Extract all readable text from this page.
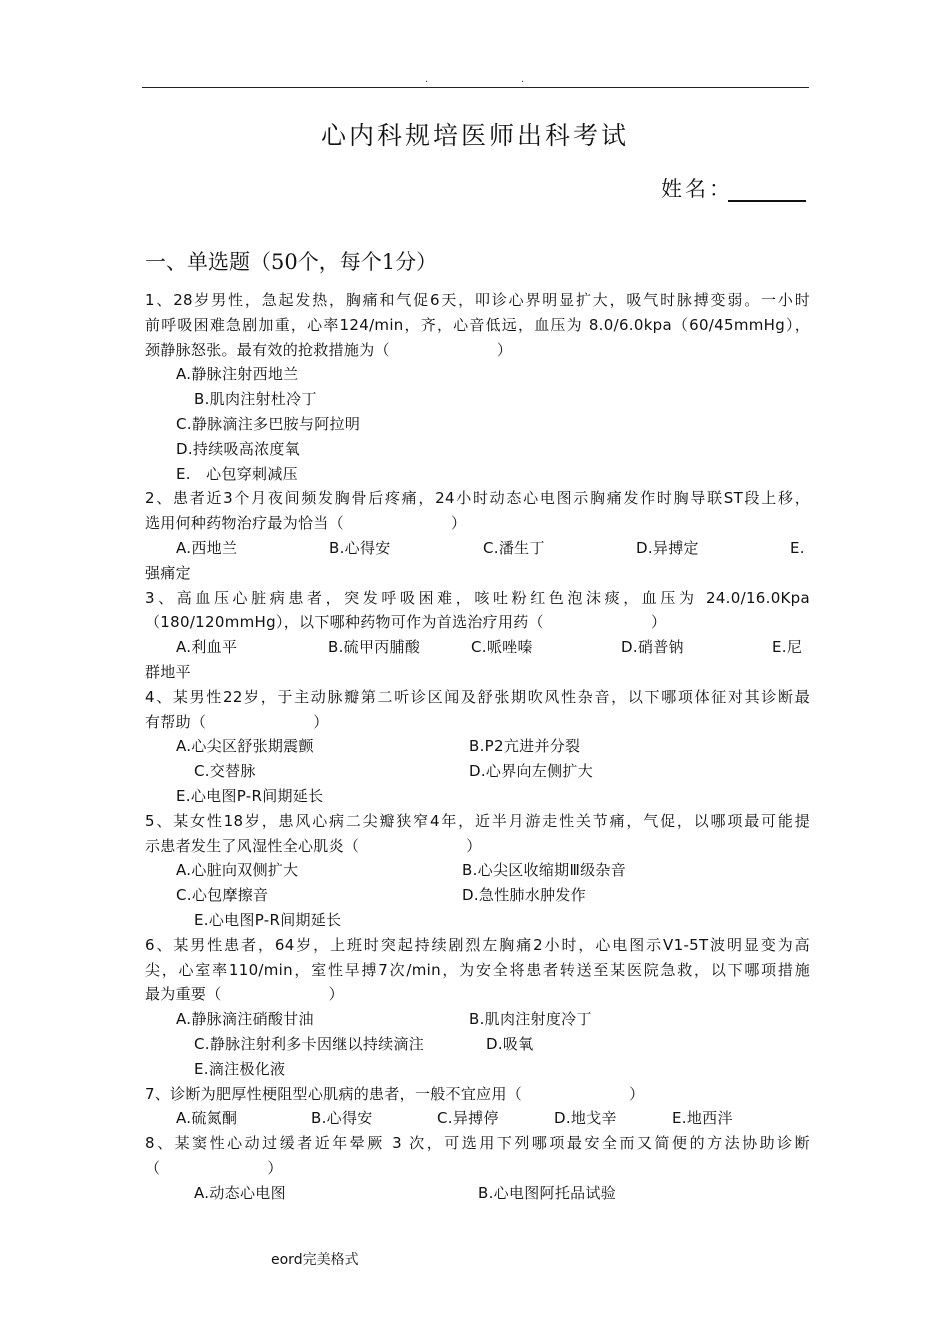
.	.
心内科规培医师出科考试
姓名：
一、单选题（50个，每个1分）
1、28岁男性，急起发热，胸痛和气促6天，叩诊心界明显扩大，吸气时脉搏变弱。一小时
前呼吸困难急剧加重，心率124/min，齐，心音低远，血压为 8.0/6.0kpa（60/45mmHg），
颈静脉怒张。最有效的抢救措施为（　　　　　　　）
A.静脉注射西地兰
B.肌肉注射杜冷丁
C.静脉滴注多巴胺与阿拉明
D.持续吸高浓度氧
E.　心包穿刺减压
2、患者近3个月夜间频发胸骨后疼痛，24小时动态心电图示胸痛发作时胸导联ST段上移，
选用何种药物治疗最为恰当（　　　　　　　）
A.西地兰	B.心得安	C.潘生丁	D.异搏定	E.
强痛定
3、高血压心脏病患者，突发呼吸困难，咳吐粉红色泡沫痰，血压为 24.0/16.0Kpa
（180/120mmHg），以下哪种药物可作为首选治疗用药（　　　　　　　）
A.利血平	B.硫甲丙脯酸	C.哌唑嗪	D.硝普钠	E.尼
群地平
4、某男性22岁，于主动脉瓣第二听诊区闻及舒张期吹风性杂音，以下哪项体征对其诊断最
有帮助（　　　　　　　）
A.心尖区舒张期震颤	B.P2亢进并分裂
C.交替脉	D.心界向左侧扩大
E.心电图P-R间期延长
5、某女性18岁，患风心病二尖瓣狭窄4年，近半月游走性关节痛，气促，以哪项最可能提
示患者发生了风湿性全心肌炎（　　　　　　　）
A.心脏向双侧扩大	B.心尖区收缩期Ⅲ级杂音
C.心包摩擦音	D.急性肺水肿发作
E.心电图P-R间期延长
6、某男性患者，64岁，上班时突起持续剧烈左胸痛2小时，心电图示V1-5T波明显变为高
尖，心室率110/min，室性早搏7次/min，为安全将患者转送至某医院急救，以下哪项措施
最为重要（　　　　　　　）
A.静脉滴注硝酸甘油	B.肌肉注射度冷丁
C.静脉注射利多卡因继以持续滴注	D.吸氧
E.滴注极化液
7、诊断为肥厚性梗阻型心肌病的患者，一般不宜应用（　　　　　　　）
A.硫氮酮	B.心得安	C.异搏停	D.地戈辛	E.地西泮
8、某窦性心动过缓者近年晕厥 3 次，可选用下列哪项最安全而又简便的方法协助诊断
（　　　　　　　）
A.动态心电图	B.心电图阿托品试验
eord完美格式
